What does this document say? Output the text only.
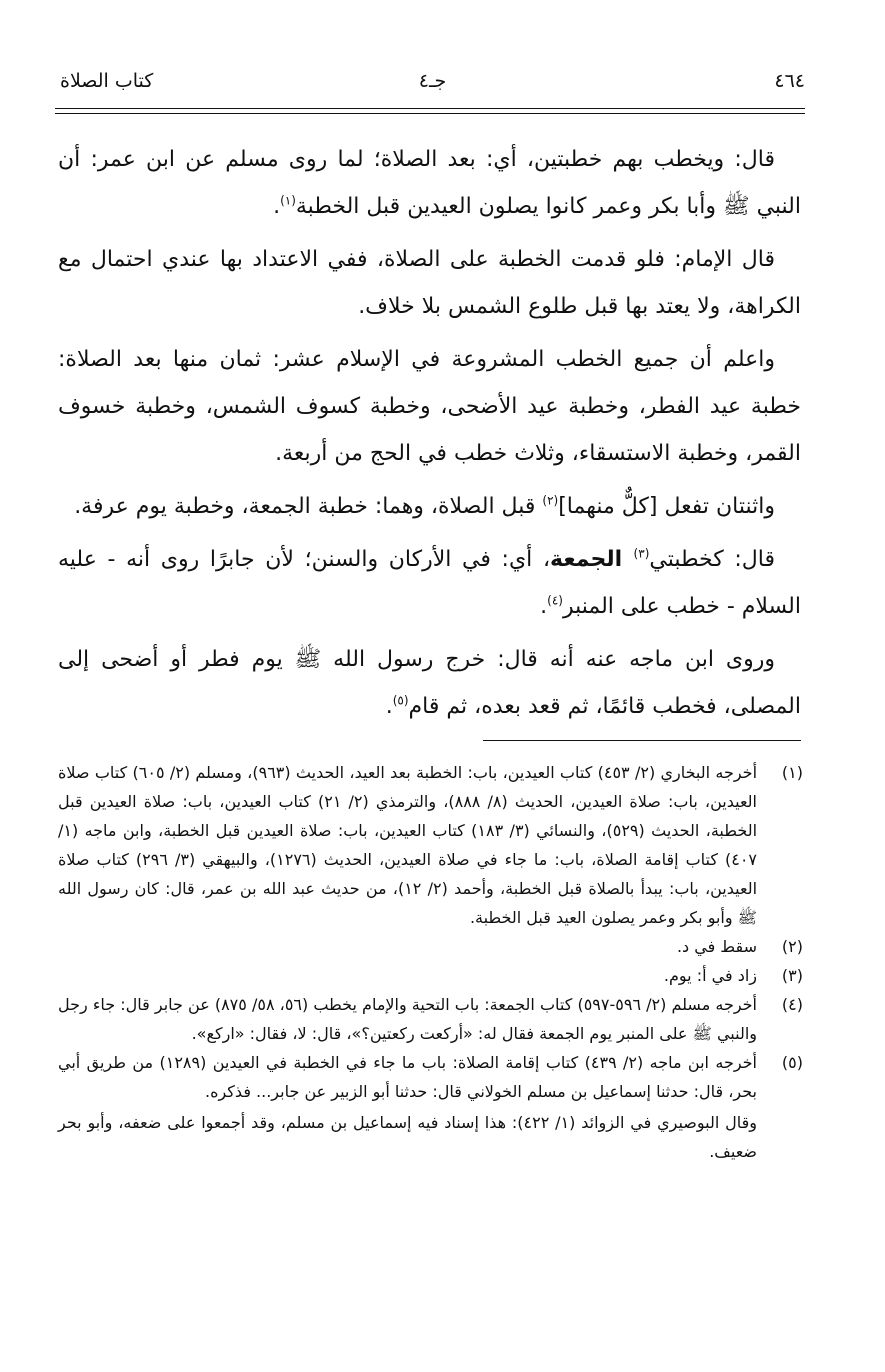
٤٦٤
جـ٤
كتاب الصلاة

قال: ويخطب بهم خطبتين، أي: بعد الصلاة؛ لما روى مسلم عن ابن عمر: أن النبي ﷺ وأبا بكر وعمر كانوا يصلون العيدين قبل الخطبة$^{(١)}$.

قال الإمام: فلو قدمت الخطبة على الصلاة، ففي الاعتداد بها عندي احتمال مع الكراهة، ولا يعتد بها قبل طلوع الشمس بلا خلاف.

واعلم أن جميع الخطب المشروعة في الإسلام عشر: ثمان منها بعد الصلاة: خطبة عيد الفطر، وخطبة عيد الأضحى، وخطبة كسوف الشمس، وخطبة خسوف القمر، وخطبة الاستسقاء، وثلاث خطب في الحج من أربعة.

واثنتان تفعل [كلٌّ منهما]$^{(٢)}$ قبل الصلاة، وهما: خطبة الجمعة، وخطبة يوم عرفة.

قال: كخطبتي$^{(٣)}$ الجمعة، أي: في الأركان والسنن؛ لأن جابرًا روى أنه - عليه السلام - خطب على المنبر$^{(٤)}$.

وروى ابن ماجه عنه أنه قال: خرج رسول الله ﷺ يوم فطر أو أضحى إلى المصلى، فخطب قائمًا، ثم قعد بعده، ثم قام$^{(٥)}$.

(١)
أخرجه البخاري (٢/ ٤٥٣) كتاب العيدين، باب: الخطبة بعد العيد، الحديث (٩٦٣)، ومسلم (٢/ ٦٠٥) كتاب صلاة العيدين، باب: صلاة العيدين، الحديث (٨/ ٨٨٨)، والترمذي (٢/ ٢١) كتاب العيدين، باب: صلاة العيدين قبل الخطبة، الحديث (٥٢٩)، والنسائي (٣/ ١٨٣) كتاب العيدين، باب: صلاة العيدين قبل الخطبة، وابن ماجه (١/ ٤٠٧) كتاب إقامة الصلاة، باب: ما جاء في صلاة العيدين، الحديث (١٢٧٦)، والبيهقي (٣/ ٢٩٦) كتاب صلاة العيدين، باب: يبدأ بالصلاة قبل الخطبة، وأحمد (٢/ ١٢)، من حديث عبد الله بن عمر، قال: كان رسول الله ﷺ وأبو بكر وعمر يصلون العيد قبل الخطبة.
(٢)
سقط في د.
(٣)
زاد في أ: يوم.
(٤)
أخرجه مسلم (٢/ ٥٩٦-٥٩٧) كتاب الجمعة: باب التحية والإمام يخطب (٥٦، ٥٨/ ٨٧٥) عن جابر قال: جاء رجل والنبي ﷺ على المنبر يوم الجمعة فقال له: «أركعت ركعتين؟»، قال: لا، فقال: «اركع».
(٥)
أخرجه ابن ماجه (٢/ ٤٣٩) كتاب إقامة الصلاة: باب ما جاء في الخطبة في العيدين (١٢٨٩) من طريق أبي بحر، قال: حدثنا إسماعيل بن مسلم الخولاني قال: حدثنا أبو الزبير عن جابر... فذكره.

وقال البوصيري في الزوائد (١/ ٤٢٢): هذا إسناد فيه إسماعيل بن مسلم، وقد أجمعوا على ضعفه، وأبو بحر ضعيف.
